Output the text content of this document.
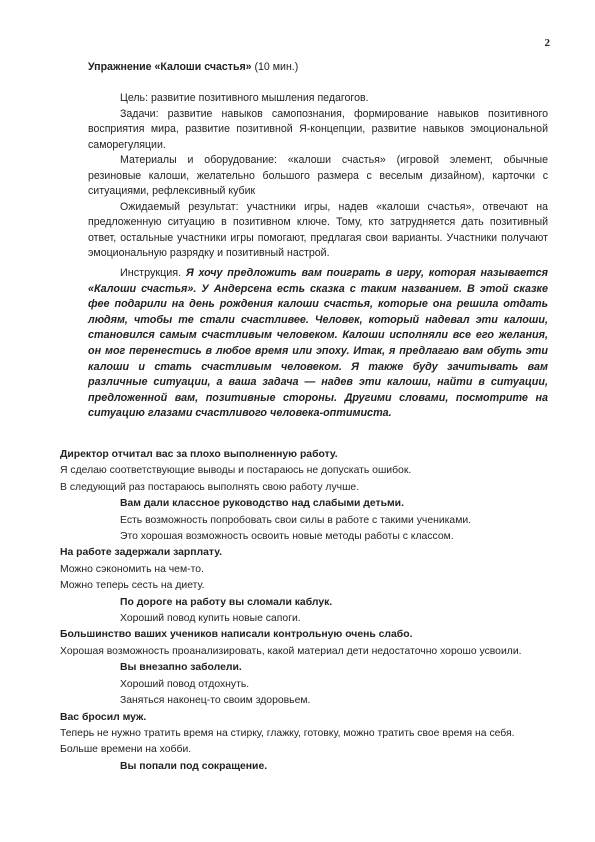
2
Упражнение «Калоши счастья» (10 мин.)

Цель: развитие позитивного мышления педагогов.

Задачи: развитие навыков самопознания, формирование навыков позитивного восприятия мира, развитие позитивной Я-концепции, развитие навыков эмоциональной саморегуляции.

Материалы и оборудование: «калоши счастья» (игровой элемент, обычные резиновые калоши, желательно большого размера с веселым дизайном), карточки с ситуациями, рефлексивный кубик

Ожидаемый результат: участники игры, надев «калоши счастья», отвечают на предложенную ситуацию в позитивном ключе. Тому, кто затрудняется дать позитивный ответ, остальные участники игры помогают, предлагая свои варианты. Участники получают эмоциональную разрядку и позитивный настрой.

Инструкция. Я хочу предложить вам поиграть в игру, которая называется «Калоши счастья». У Андерсена есть сказка с таким названием. В этой сказке фее подарили на день рождения калоши счастья, которые она решила отдать людям, чтобы те стали счастливее. Человек, который надевал эти калоши, становился самым счастливым человеком. Калоши исполняли все его желания, он мог перенестись в любое время или эпоху. Итак, я предлагаю вам обуть эти калоши и стать счастливым человеком. Я также буду зачитывать вам различные ситуации, а ваша задача — надев эти калоши, найти в ситуации, предложенной вам, позитивные стороны. Другими словами, посмотрите на ситуацию глазами счастливого человека-оптимиста.

Директор отчитал вас за плохо выполненную работу.
Я сделаю соответствующие выводы и постараюсь не допускать ошибок.
В следующий раз постараюсь выполнять свою работу лучше.
Вам дали классное руководство над слабыми детьми.
Есть возможность попробовать свои силы в работе с такими учениками.
Это хорошая возможность освоить новые методы работы с классом.
На работе задержали зарплату.
Можно сэкономить на чем-то.
Можно теперь сесть на диету.
По дороге на работу вы сломали каблук.
Хороший повод купить новые сапоги.
Большинство ваших учеников написали контрольную очень слабо.
Хорошая возможность проанализировать, какой материал дети недостаточно хорошо усвоили.
Вы внезапно заболели.
Хороший повод отдохнуть.
Заняться наконец-то своим здоровьем.
Вас бросил муж.
Теперь не нужно тратить время на стирку, глажку, готовку, можно тратить свое время на себя.
Больше времени на хобби.
Вы попали под сокращение.
